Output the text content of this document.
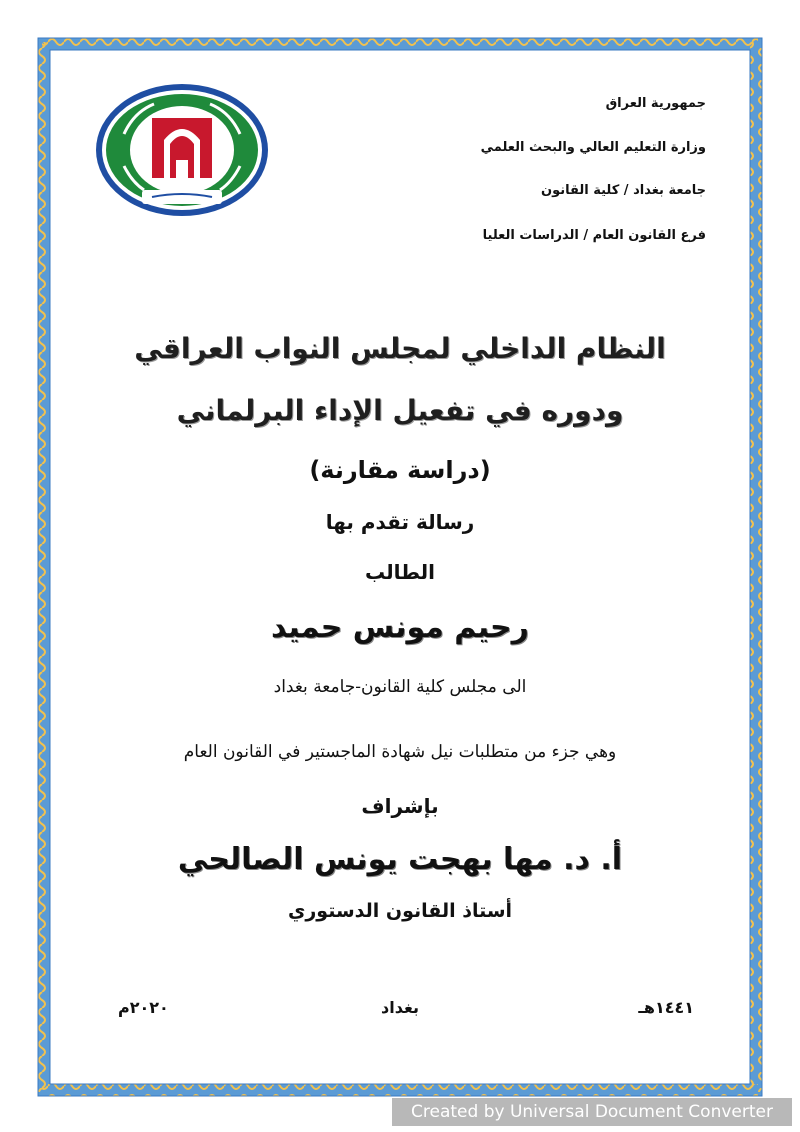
جمهورية العراق
وزارة التعليم العالي والبحث العلمي
جامعة بغداد / كلية القانون
فرع القانون العام / الدراسات العليا
النظام الداخلي لمجلس النواب العراقي
ودوره في تفعيل الإداء البرلماني
(دراسة مقارنة)
رسالة تقدم بها
الطالب
رحيم مونس حميد
الى مجلس كلية القانون-جامعة بغداد
وهي جزء من متطلبات نيل شهادة الماجستير في القانون العام
بإشراف
أ. د. مها بهجت يونس الصالحي
أستاذ القانون الدستوري
١٤٤١هـ
بغداد
٢٠٢٠م
Created by Universal Document Converter
